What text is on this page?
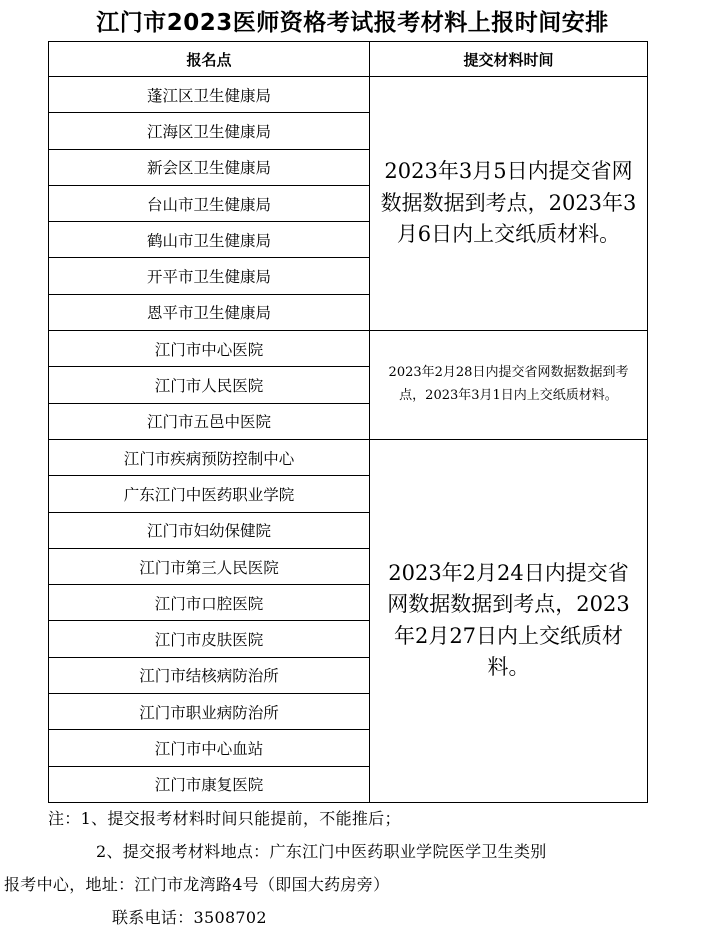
江门市2023医师资格考试报考材料上报时间安排
报名点	提交材料时间
蓬江区卫生健康局	2023年3月5日内提交省网数据数据到考点，2023年3月6日内上交纸质材料。
江海区卫生健康局	
新会区卫生健康局	
台山市卫生健康局	
鹤山市卫生健康局	
开平市卫生健康局	
恩平市卫生健康局	
江门市中心医院	2023年2月28日内提交省网数据数据到考点，2023年3月1日内上交纸质材料。
江门市人民医院	
江门市五邑中医院	
江门市疾病预防控制中心	2023年2月24日内提交省网数据数据到考点，2023年2月27日内上交纸质材料。
广东江门中医药职业学院	
江门市妇幼保健院	
江门市第三人民医院	
江门市口腔医院	
江门市皮肤医院	
江门市结核病防治所	
江门市职业病防治所	
江门市中心血站	
江门市康复医院	
注：1、提交报考材料时间只能提前，不能推后；
2、提交报考材料地点：广东江门中医药职业学院医学卫生类别
报考中心，地址：江门市龙湾路4号（即国大药房旁）
联系电话：3508702
